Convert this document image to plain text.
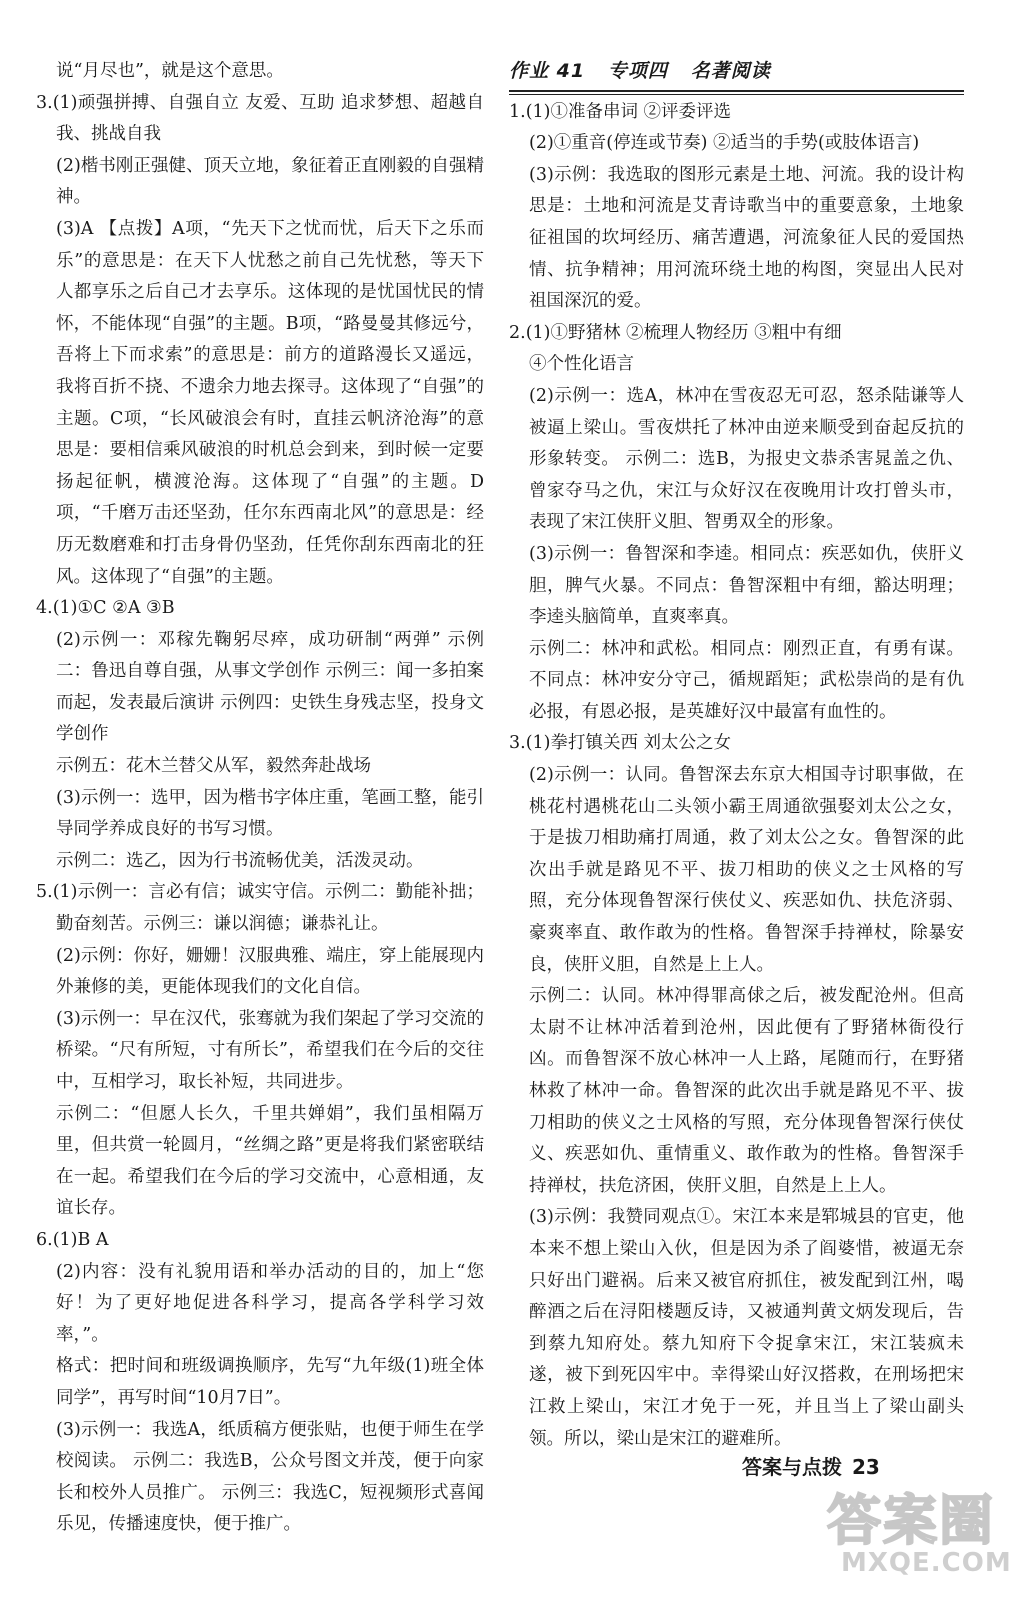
说“月尽也”，就是这个意思。

3.(1)顽强拼搏、自强自立 友爱、互助 追求梦想、超越自我、挑战自我

(2)楷书刚正强健、顶天立地，象征着正直刚毅的自强精神。

(3)A 【点拨】A项，“先天下之忧而忧，后天下之乐而乐”的意思是：在天下人忧愁之前自己先忧愁，等天下人都享乐之后自己才去享乐。这体现的是忧国忧民的情怀，不能体现“自强”的主题。B项，“路曼曼其修远兮，吾将上下而求索”的意思是：前方的道路漫长又遥远，我将百折不挠、不遗余力地去探寻。这体现了“自强”的主题。C项，“长风破浪会有时，直挂云帆济沧海”的意思是：要相信乘风破浪的时机总会到来，到时候一定要扬起征帆，横渡沧海。这体现了“自强”的主题。D项，“千磨万击还坚劲，任尔东西南北风”的意思是：经历无数磨难和打击身骨仍坚劲，任凭你刮东西南北的狂风。这体现了“自强”的主题。

4.(1)①C ②A ③B

(2)示例一：邓稼先鞠躬尽瘁，成功研制“两弹” 示例二：鲁迅自尊自强，从事文学创作 示例三：闻一多拍案而起，发表最后演讲 示例四：史铁生身残志坚，投身文学创作

示例五：花木兰替父从军，毅然奔赴战场

(3)示例一：选甲，因为楷书字体庄重，笔画工整，能引导同学养成良好的书写习惯。

示例二：选乙，因为行书流畅优美，活泼灵动。

5.(1)示例一：言必有信；诚实守信。示例二：勤能补拙；勤奋刻苦。示例三：谦以润德；谦恭礼让。

(2)示例：你好，姗姗！汉服典雅、端庄，穿上能展现内外兼修的美，更能体现我们的文化自信。

(3)示例一：早在汉代，张骞就为我们架起了学习交流的桥梁。“尺有所短，寸有所长”，希望我们在今后的交往中，互相学习，取长补短，共同进步。

示例二：“但愿人长久，千里共婵娟”，我们虽相隔万里，但共赏一轮圆月，“丝绸之路”更是将我们紧密联结在一起。希望我们在今后的学习交流中，心意相通，友谊长存。

6.(1)B A

(2)内容：没有礼貌用语和举办活动的目的，加上“您好！为了更好地促进各科学习，提高各学科学习效率，”。

格式：把时间和班级调换顺序，先写“九年级(1)班全体同学”，再写时间“10月7日”。

(3)示例一：我选A，纸质稿方便张贴，也便于师生在学校阅读。 示例二：我选B，公众号图文并茂，便于向家长和校外人员推广。 示例三：我选C，短视频形式喜闻乐见，传播速度快，便于推广。

作业 41   专项四   名著阅读

1.(1)①准备串词 ②评委评选

(2)①重音(停连或节奏) ②适当的手势(或肢体语言)

(3)示例：我选取的图形元素是土地、河流。我的设计构思是：土地和河流是艾青诗歌当中的重要意象，土地象征祖国的坎坷经历、痛苦遭遇，河流象征人民的爱国热情、抗争精神；用河流环绕土地的构图，突显出人民对祖国深沉的爱。

2.(1)①野猪林 ②梳理人物经历 ③粗中有细

④个性化语言

(2)示例一：选A，林冲在雪夜忍无可忍，怒杀陆谦等人被逼上梁山。雪夜烘托了林冲由逆来顺受到奋起反抗的形象转变。 示例二：选B，为报史文恭杀害晁盖之仇、曾家夺马之仇，宋江与众好汉在夜晚用计攻打曾头市，表现了宋江侠肝义胆、智勇双全的形象。

(3)示例一：鲁智深和李逵。相同点：疾恶如仇，侠肝义胆，脾气火暴。不同点：鲁智深粗中有细，豁达明理；李逵头脑简单，直爽率真。

示例二：林冲和武松。相同点：刚烈正直，有勇有谋。不同点：林冲安分守己，循规蹈矩；武松崇尚的是有仇必报，有恩必报，是英雄好汉中最富有血性的。

3.(1)拳打镇关西 刘太公之女

(2)示例一：认同。鲁智深去东京大相国寺讨职事做，在桃花村遇桃花山二头领小霸王周通欲强娶刘太公之女，于是拔刀相助痛打周通，救了刘太公之女。鲁智深的此次出手就是路见不平、拔刀相助的侠义之士风格的写照，充分体现鲁智深行侠仗义、疾恶如仇、扶危济弱、豪爽率直、敢作敢为的性格。鲁智深手持禅杖，除暴安良，侠肝义胆，自然是上上人。

示例二：认同。林冲得罪高俅之后，被发配沧州。但高太尉不让林冲活着到沧州，因此便有了野猪林衙役行凶。而鲁智深不放心林冲一人上路，尾随而行，在野猪林救了林冲一命。鲁智深的此次出手就是路见不平、拔刀相助的侠义之士风格的写照，充分体现鲁智深行侠仗义、疾恶如仇、重情重义、敢作敢为的性格。鲁智深手持禅杖，扶危济困，侠肝义胆，自然是上上人。

(3)示例：我赞同观点①。宋江本来是郓城县的官吏，他本来不想上梁山入伙，但是因为杀了阎婆惜，被逼无奈只好出门避祸。后来又被官府抓住，被发配到江州，喝醉酒之后在浔阳楼题反诗，又被通判黄文炳发现后，告到蔡九知府处。蔡九知府下令捉拿宋江，宋江装疯未遂，被下到死囚牢中。幸得梁山好汉搭救，在刑场把宋江救上梁山，宋江才免于一死，并且当上了梁山副头领。所以，梁山是宋江的避难所。

答案与点拨 23
答案圈
MXQE.COM
